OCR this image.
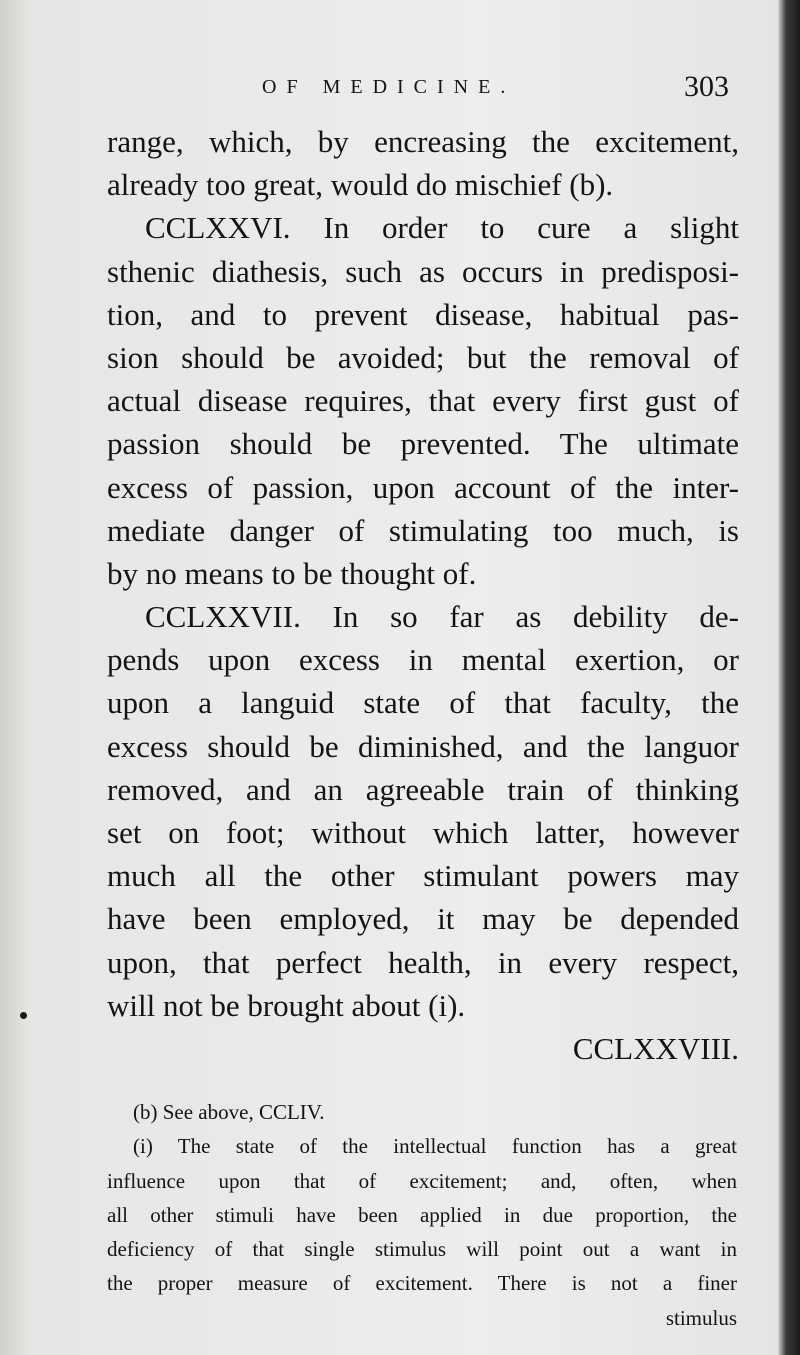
OF MEDICINE.	303
range, which, by encreasing the excitement,
already too great, would do mischief (b).
CCLXXVI. In order to cure a slight
sthenic diathesis, such as occurs in predisposi-
tion, and to prevent disease, habitual pas-
sion should be avoided; but the removal of
actual disease requires, that every first gust of
passion should be prevented. The ultimate
excess of passion, upon account of the inter-
mediate danger of stimulating too much, is
by no means to be thought of.
CCLXXVII. In so far as debility de-
pends upon excess in mental exertion, or
upon a languid state of that faculty, the
excess should be diminished, and the languor
removed, and an agreeable train of thinking
set on foot; without which latter, however
much all the other stimulant powers may
have been employed, it may be depended
upon, that perfect health, in every respect,
will not be brought about (i).
CCLXXVIII.
(b) See above, CCLIV.
(i) The state of the intellectual function has a great
influence upon that of excitement; and, often, when
all other stimuli have been applied in due proportion, the
deficiency of that single stimulus will point out a want in
the proper measure of excitement. There is not a finer
stimulus
